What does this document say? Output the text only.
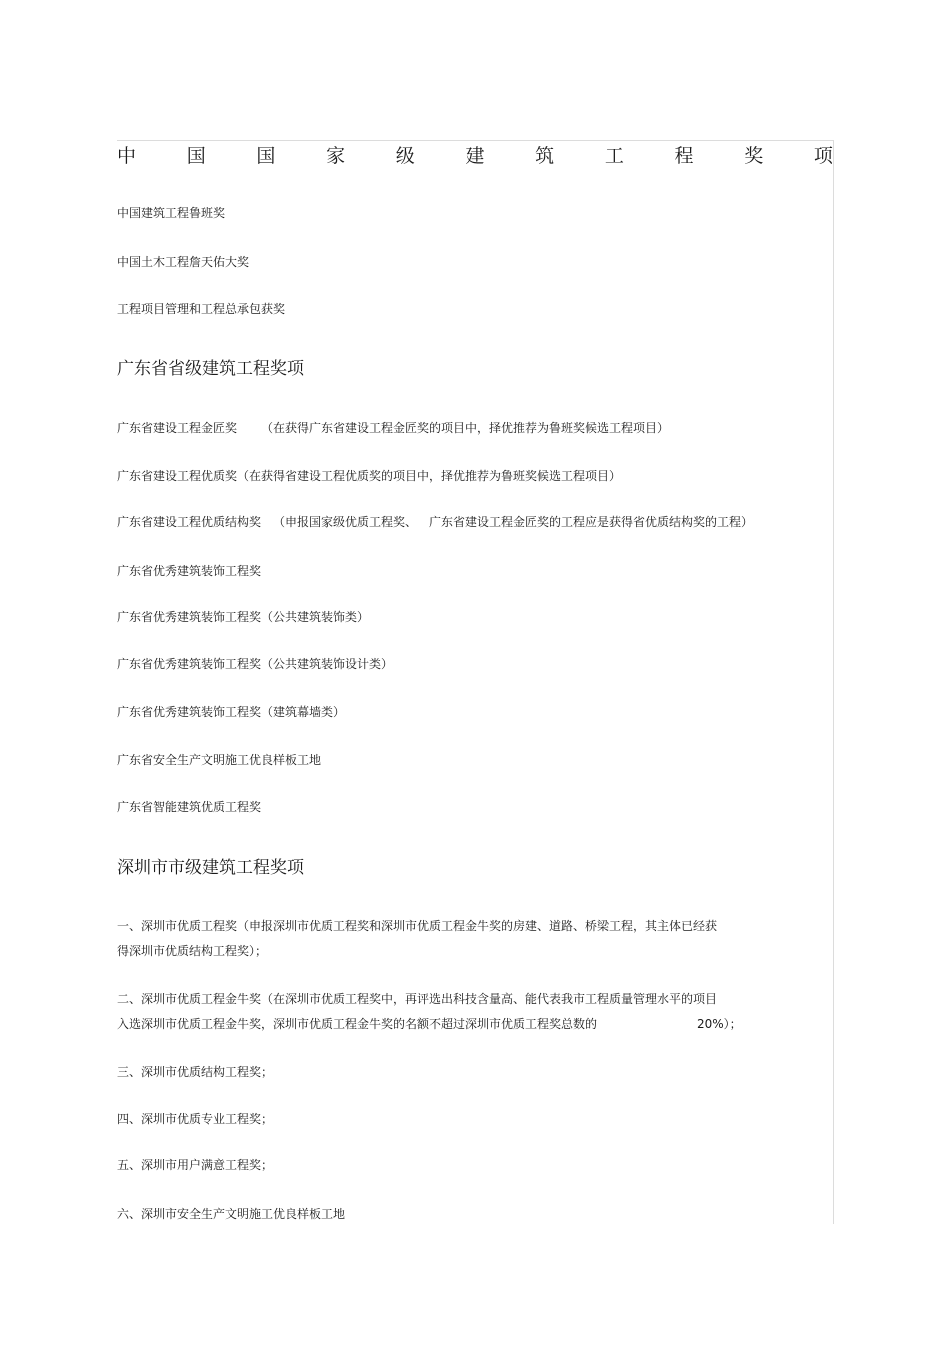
中	国	国	家	级	建	筑	工	程	奖	项
中国建筑工程鲁班奖
中国土木工程詹天佑大奖
工程项目管理和工程总承包获奖
广东省省级建筑工程奖项
广东省建设工程金匠奖 （在获得广东省建设工程金匠奖的项目中，择优推荐为鲁班奖候选工程项目）
广东省建设工程优质奖（在获得省建设工程优质奖的项目中，择优推荐为鲁班奖候选工程项目）
广东省建设工程优质结构奖 （申报国家级优质工程奖、 广东省建设工程金匠奖的工程应是获得省优质结构奖的工程）
广东省优秀建筑装饰工程奖
广东省优秀建筑装饰工程奖（公共建筑装饰类）
广东省优秀建筑装饰工程奖（公共建筑装饰设计类）
广东省优秀建筑装饰工程奖（建筑幕墙类）
广东省安全生产文明施工优良样板工地
广东省智能建筑优质工程奖
深圳市市级建筑工程奖项
一、深圳市优质工程奖（申报深圳市优质工程奖和深圳市优质工程金牛奖的房建、道路、桥梁工程，其主体已经获
得深圳市优质结构工程奖）；
二、深圳市优质工程金牛奖（在深圳市优质工程奖中，再评选出科技含量高、能代表我市工程质量管理水平的项目
入选深圳市优质工程金牛奖，深圳市优质工程金牛奖的名额不超过深圳市优质工程奖总数的	20%）；
三、深圳市优质结构工程奖；
四、深圳市优质专业工程奖；
五、深圳市用户满意工程奖；
六、深圳市安全生产文明施工优良样板工地
